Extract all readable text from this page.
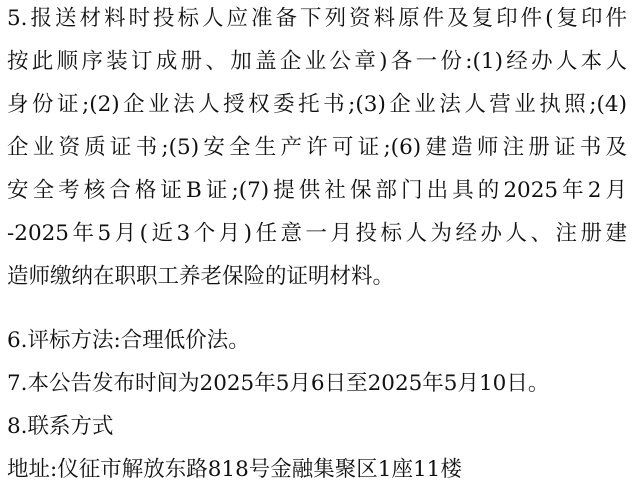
5.报送材料时投标人应准备下列资料原件及复印件(复印件
按此顺序装订成册、加盖企业公章)各一份:(1)经办人本人
身份证;(2)企业法人授权委托书;(3)企业法人营业执照;(4)
企业资质证书;(5)安全生产许可证;(6)建造师注册证书及
安全考核合格证B证;(7)提供社保部门出具的2025年2月
-2025年5月(近3个月)任意一月投标人为经办人、注册建
造师缴纳在职职工养老保险的证明材料。
6.评标方法:合理低价法。
7.本公告发布时间为2025年5月6日至2025年5月10日。
8.联系方式
地址:仪征市解放东路818号金融集聚区1座11楼
